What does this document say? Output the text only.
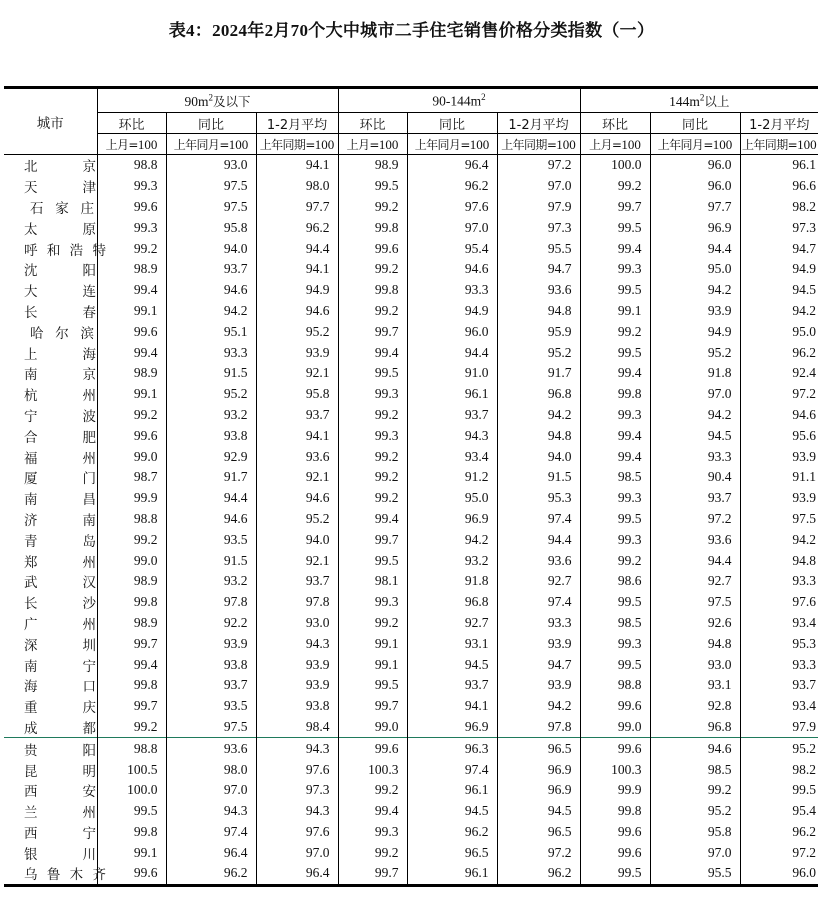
表4：2024年2月70个大中城市二手住宅销售价格分类指数（一）
城市	$90m^2$及以下			$90-144m^2$			$144m^2$以上		
	环比	同比	1-2月平均	环比	同比	1-2月平均	环比	同比	1-2月平均
	上月=100	上年同月=100	上年同期=100	上月=100	上年同月=100	上年同期=100	上月=100	上年同月=100	上年同期=100
北京	98.8	93.0	94.1	98.9	96.4	97.2	100.0	96.0	96.1
天津	99.3	97.5	98.0	99.5	96.2	97.0	99.2	96.0	96.6
石家庄	99.6	97.5	97.7	99.2	97.6	97.9	99.7	97.7	98.2
太原	99.3	95.8	96.2	99.8	97.0	97.3	99.5	96.9	97.3
呼和浩特	99.2	94.0	94.4	99.6	95.4	95.5	99.4	94.4	94.7
沈阳	98.9	93.7	94.1	99.2	94.6	94.7	99.3	95.0	94.9
大连	99.4	94.6	94.9	99.8	93.3	93.6	99.5	94.2	94.5
长春	99.1	94.2	94.6	99.2	94.9	94.8	99.1	93.9	94.2
哈尔滨	99.6	95.1	95.2	99.7	96.0	95.9	99.2	94.9	95.0
上海	99.4	93.3	93.9	99.4	94.4	95.2	99.5	95.2	96.2
南京	98.9	91.5	92.1	99.5	91.0	91.7	99.4	91.8	92.4
杭州	99.1	95.2	95.8	99.3	96.1	96.8	99.8	97.0	97.2
宁波	99.2	93.2	93.7	99.2	93.7	94.2	99.3	94.2	94.6
合肥	99.6	93.8	94.1	99.3	94.3	94.8	99.4	94.5	95.6
福州	99.0	92.9	93.6	99.2	93.4	94.0	99.4	93.3	93.9
厦门	98.7	91.7	92.1	99.2	91.2	91.5	98.5	90.4	91.1
南昌	99.9	94.4	94.6	99.2	95.0	95.3	99.3	93.7	93.9
济南	98.8	94.6	95.2	99.4	96.9	97.4	99.5	97.2	97.5
青岛	99.2	93.5	94.0	99.7	94.2	94.4	99.3	93.6	94.2
郑州	99.0	91.5	92.1	99.5	93.2	93.6	99.2	94.4	94.8
武汉	98.9	93.2	93.7	98.1	91.8	92.7	98.6	92.7	93.3
长沙	99.8	97.8	97.8	99.3	96.8	97.4	99.5	97.5	97.6
广州	98.9	92.2	93.0	99.2	92.7	93.3	98.5	92.6	93.4
深圳	99.7	93.9	94.3	99.1	93.1	93.9	99.3	94.8	95.3
南宁	99.4	93.8	93.9	99.1	94.5	94.7	99.5	93.0	93.3
海口	99.8	93.7	93.9	99.5	93.7	93.9	98.8	93.1	93.7
重庆	99.7	93.5	93.8	99.7	94.1	94.2	99.6	92.8	93.4
成都	99.2	97.5	98.4	99.0	96.9	97.8	99.0	96.8	97.9
贵阳	98.8	93.6	94.3	99.6	96.3	96.5	99.6	94.6	95.2
昆明	100.5	98.0	97.6	100.3	97.4	96.9	100.3	98.5	98.2
西安	100.0	97.0	97.3	99.2	96.1	96.9	99.9	99.2	99.5
兰州	99.5	94.3	94.3	99.4	94.5	94.5	99.8	95.2	95.4
西宁	99.8	97.4	97.6	99.3	96.2	96.5	99.6	95.8	96.2
银川	99.1	96.4	97.0	99.2	96.5	97.2	99.6	97.0	97.2
乌鲁木齐	99.6	96.2	96.4	99.7	96.1	96.2	99.5	95.5	96.0
